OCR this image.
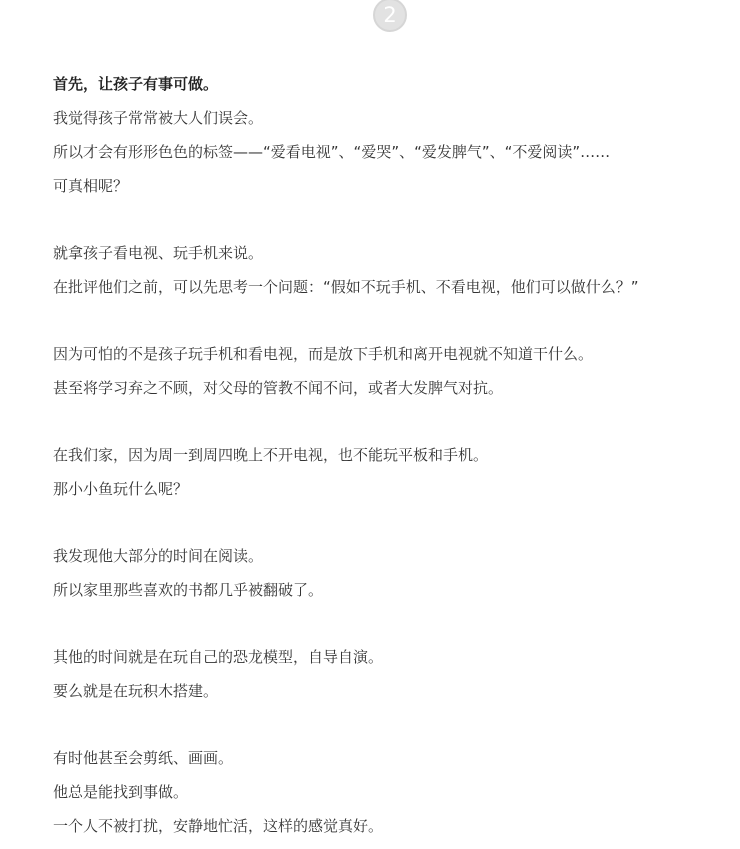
2
首先，让孩子有事可做。
我觉得孩子常常被大人们误会。
所以才会有形形色色的标签——“爱看电视”、“爱哭”、“爱发脾气”、“不爱阅读”……
可真相呢？
就拿孩子看电视、玩手机来说。
在批评他们之前，可以先思考一个问题：“假如不玩手机、不看电视，他们可以做什么？”
因为可怕的不是孩子玩手机和看电视，而是放下手机和离开电视就不知道干什么。
甚至将学习弃之不顾，对父母的管教不闻不问，或者大发脾气对抗。
在我们家，因为周一到周四晚上不开电视，也不能玩平板和手机。
那小小鱼玩什么呢？
我发现他大部分的时间在阅读。
所以家里那些喜欢的书都几乎被翻破了。
其他的时间就是在玩自己的恐龙模型，自导自演。
要么就是在玩积木搭建。
有时他甚至会剪纸、画画。
他总是能找到事做。
一个人不被打扰，安静地忙活，这样的感觉真好。
